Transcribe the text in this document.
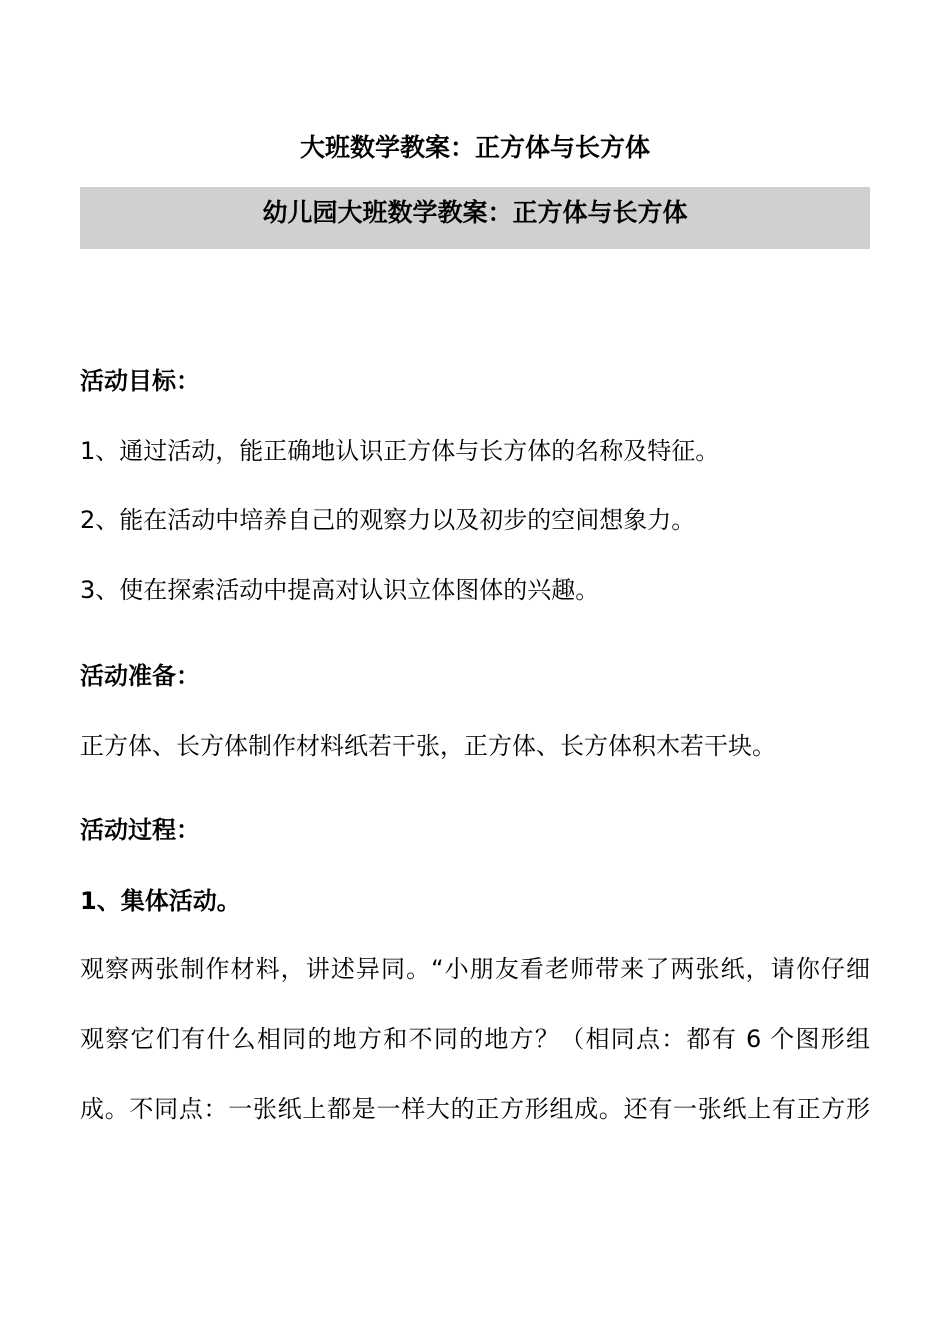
大班数学教案：正方体与长方体
幼儿园大班数学教案：正方体与长方体
活动目标：
1、通过活动，能正确地认识正方体与长方体的名称及特征。
2、能在活动中培养自己的观察力以及初步的空间想象力。
3、使在探索活动中提高对认识立体图体的兴趣。
活动准备：
正方体、长方体制作材料纸若干张，正方体、长方体积木若干块。
活动过程：
1、集体活动。
观察两张制作材料，讲述异同。“小朋友看老师带来了两张纸，请你仔细
观察它们有什么相同的地方和不同的地方？（相同点：都有 6 个图形组
成。不同点：一张纸上都是一样大的正方形组成。还有一张纸上有正方形
